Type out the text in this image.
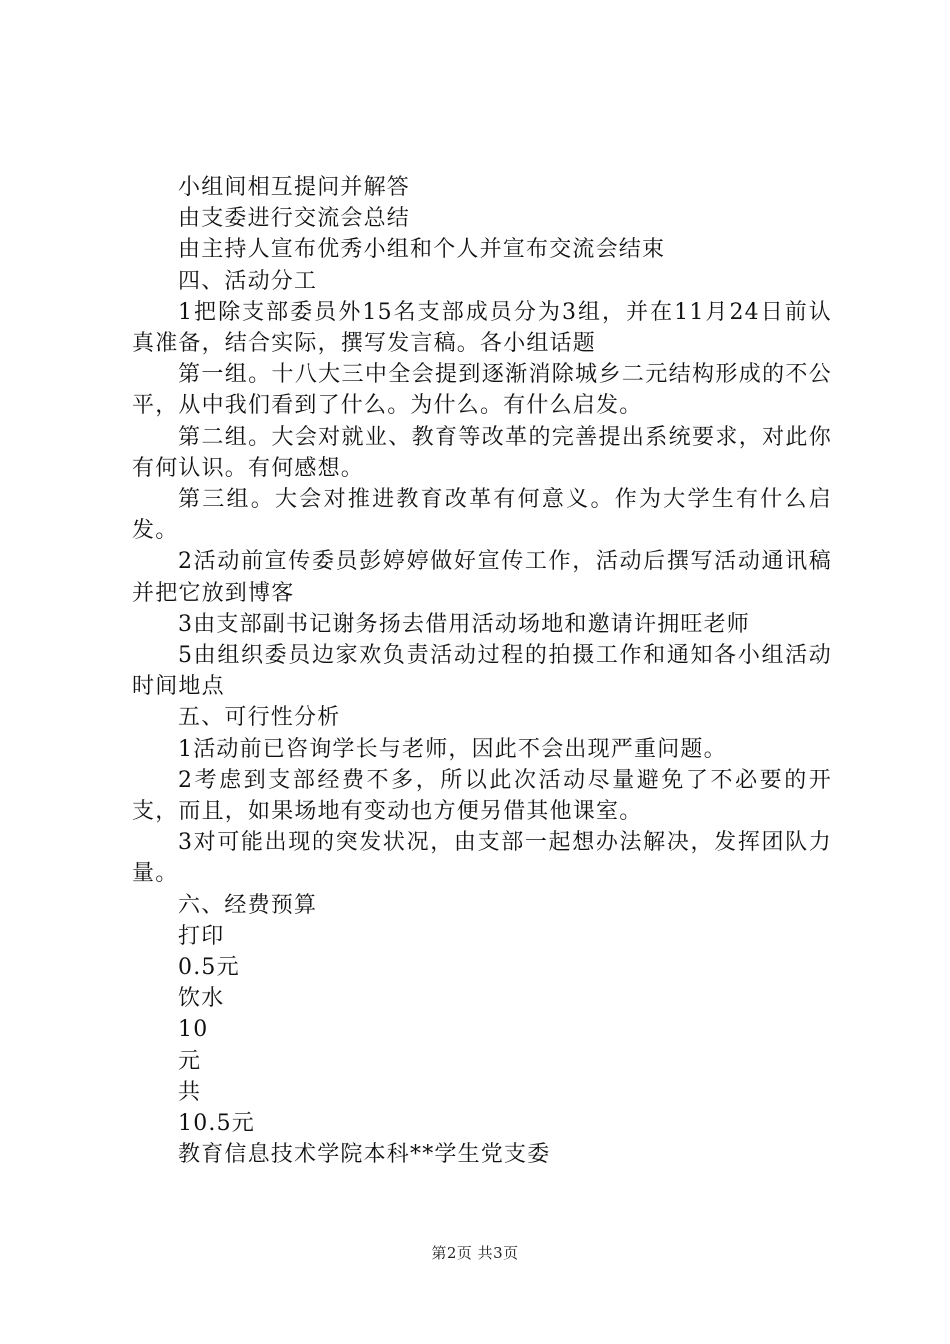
小组间相互提问并解答

由支委进行交流会总结

由主持人宣布优秀小组和个人并宣布交流会结束

四、活动分工

1把除支部委员外15名支部成员分为3组，并在11月24日前认真准备，结合实际，撰写发言稿。各小组话题

第一组。十八大三中全会提到逐渐消除城乡二元结构形成的不公平，从中我们看到了什么。为什么。有什么启发。

第二组。大会对就业、教育等改革的完善提出系统要求，对此你有何认识。有何感想。

第三组。大会对推进教育改革有何意义。作为大学生有什么启发。

2活动前宣传委员彭婷婷做好宣传工作，活动后撰写活动通讯稿并把它放到博客

3由支部副书记谢务扬去借用活动场地和邀请许拥旺老师

5由组织委员边家欢负责活动过程的拍摄工作和通知各小组活动时间地点

五、可行性分析

1活动前已咨询学长与老师，因此不会出现严重问题。

2考虑到支部经费不多，所以此次活动尽量避免了不必要的开支，而且，如果场地有变动也方便另借其他课室。

3对可能出现的突发状况，由支部一起想办法解决，发挥团队力量。

六、经费预算

打印

0.5元

饮水

10

元

共

10.5元

教育信息技术学院本科**学生党支委

第2页 共3页
